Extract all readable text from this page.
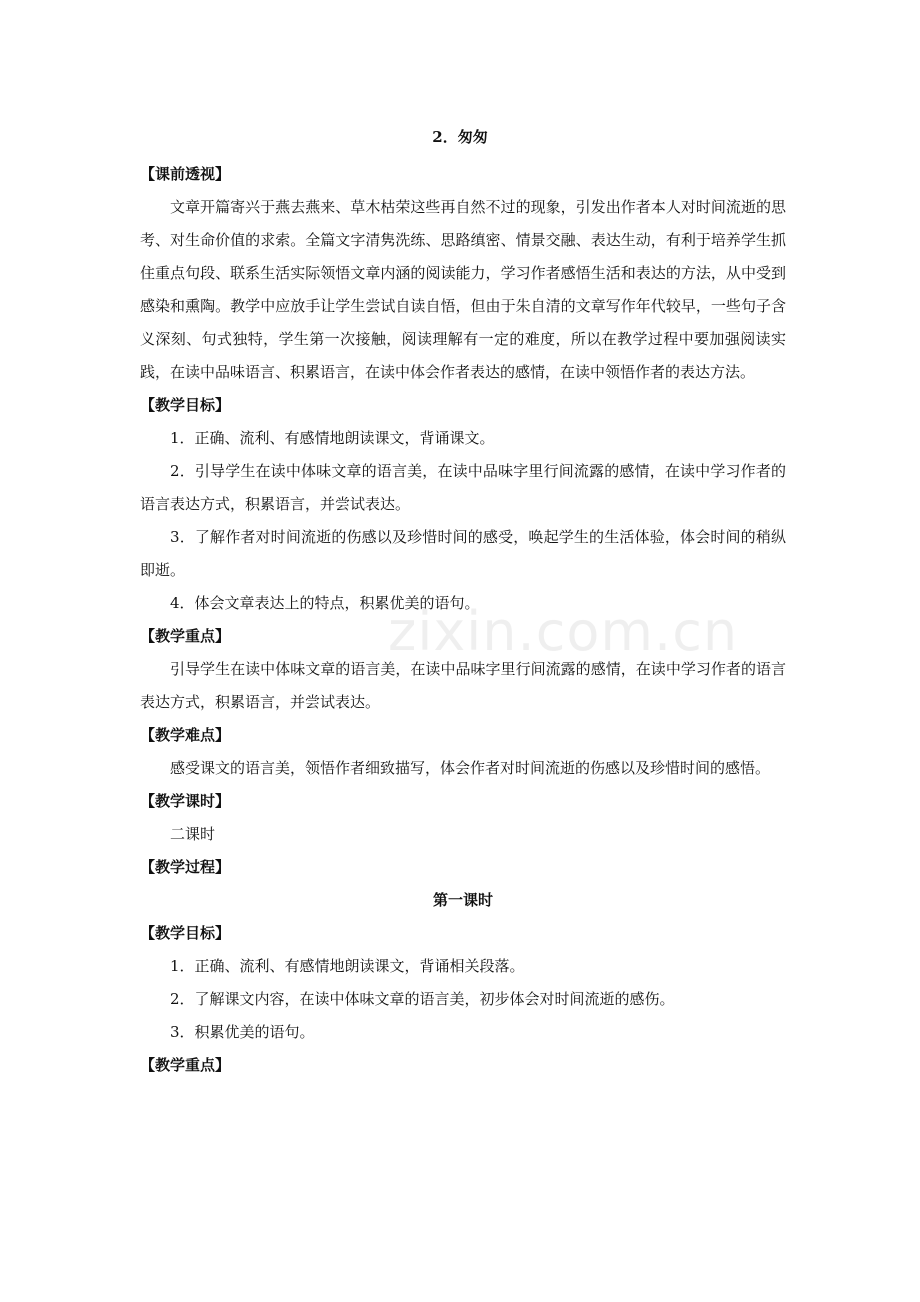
2．匆匆
zixin.com.cn

【课前透视】

文章开篇寄兴于燕去燕来、草木枯荣这些再自然不过的现象，引发出作者本人对时间流逝的思考、对生命价值的求索。全篇文字清隽洗练、思路缜密、情景交融、表达生动，有利于培养学生抓住重点句段、联系生活实际领悟文章内涵的阅读能力，学习作者感悟生活和表达的方法，从中受到感染和熏陶。教学中应放手让学生尝试自读自悟，但由于朱自清的文章写作年代较早，一些句子含义深刻、句式独特，学生第一次接触，阅读理解有一定的难度，所以在教学过程中要加强阅读实践，在读中品味语言、积累语言，在读中体会作者表达的感情，在读中领悟作者的表达方法。

【教学目标】

1．正确、流利、有感情地朗读课文，背诵课文。

2．引导学生在读中体味文章的语言美，在读中品味字里行间流露的感情，在读中学习作者的语言表达方式，积累语言，并尝试表达。

3．了解作者对时间流逝的伤感以及珍惜时间的感受，唤起学生的生活体验，体会时间的稍纵即逝。

4．体会文章表达上的特点，积累优美的语句。

【教学重点】

引导学生在读中体味文章的语言美，在读中品味字里行间流露的感情，在读中学习作者的语言表达方式，积累语言，并尝试表达。

【教学难点】

感受课文的语言美，领悟作者细致描写，体会作者对时间流逝的伤感以及珍惜时间的感悟。

【教学课时】

二课时

【教学过程】

第一课时

【教学目标】

1．正确、流利、有感情地朗读课文，背诵相关段落。

2．了解课文内容，在读中体味文章的语言美，初步体会对时间流逝的感伤。

3．积累优美的语句。

【教学重点】
